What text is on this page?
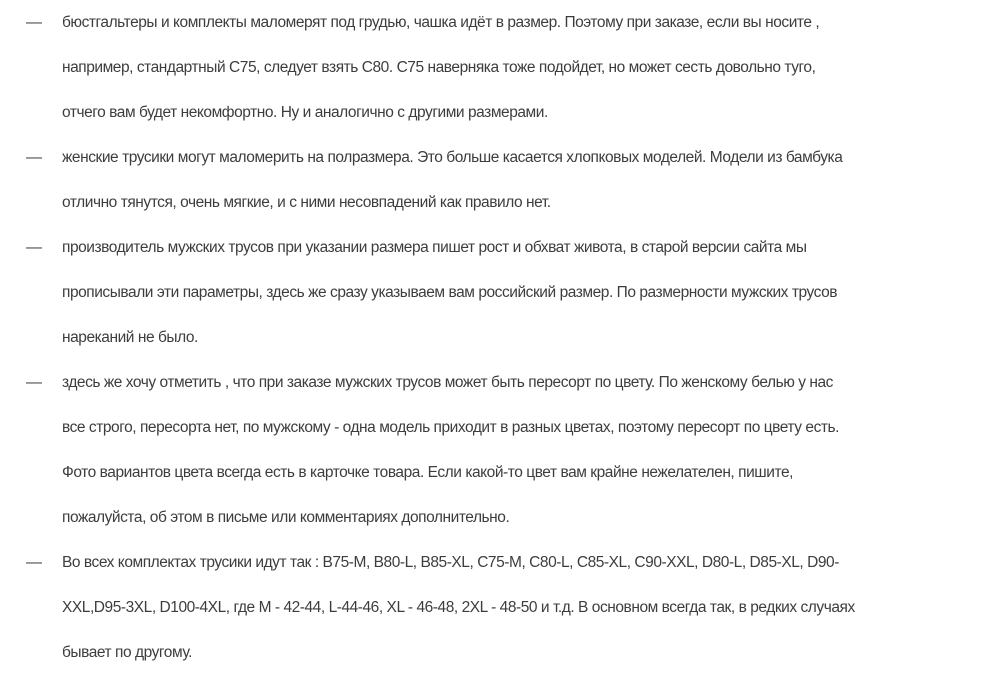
— бюстгальтеры и комплекты маломерят под грудью, чашка идёт в размер. Поэтому при заказе, если вы носите ,
например, стандартный С75, следует взять С80. С75 наверняка тоже подойдет, но может сесть довольно туго,
отчего вам будет некомфортно. Ну и аналогично с другими размерами.
— женские трусики могут маломерить на полразмера. Это больше касается хлопковых моделей. Модели из бамбука
отлично тянутся, очень мягкие, и с ними несовпадений как правило нет.
— производитель мужских трусов при указании размера пишет рост и обхват живота, в старой версии сайта мы
прописывали эти параметры, здесь же сразу указываем вам российский размер. По размерности мужских трусов
нареканий не было.
— здесь же хочу отметить , что при заказе мужских трусов может быть пересорт по цвету. По женскому белью у нас
все строго, пересорта нет, по мужскому - одна модель приходит в разных цветах, поэтому пересорт по цвету есть.
Фото вариантов цвета всегда есть в карточке товара. Если какой-то цвет вам крайне нежелателен, пишите,
пожалуйста, об этом в письме или комментариях дополнительно.
— Во всех комплектах трусики идут так : В75-М, В80-L, В85-XL, С75-М, С80-L, С85-XL, С90-XXL, D80-L, D85-XL, D90-
XXL,D95-3XL, D100-4XL, где М - 42-44, L-44-46, XL - 46-48, 2XL - 48-50 и т.д. В основном всегда так, в редких случаях
бывает по другому.
